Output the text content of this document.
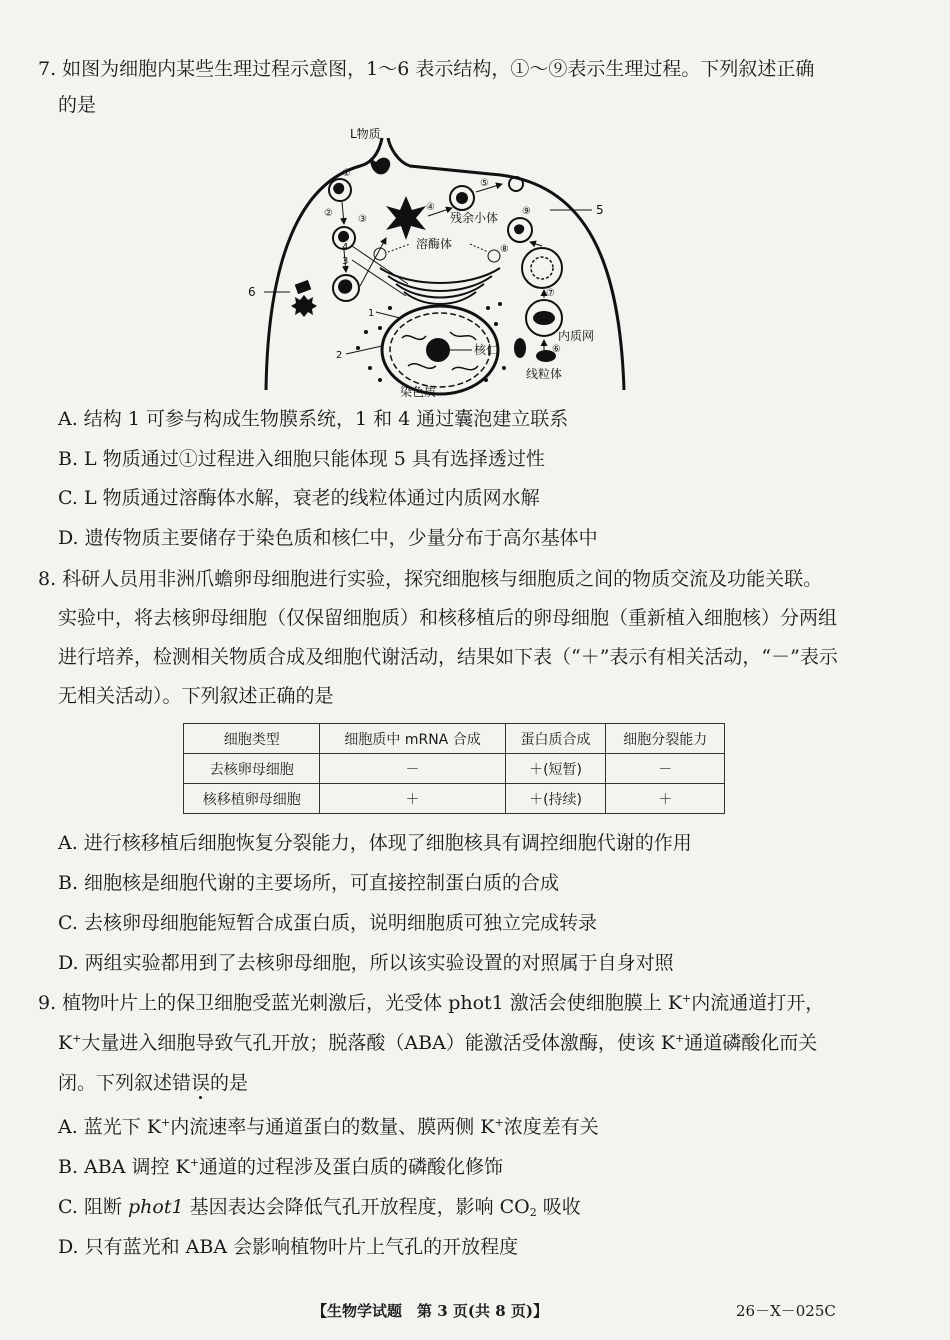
7. 如图为细胞内某些生理过程示意图，1～6 表示结构，①～⑨表示生理过程。下列叙述正确
的是
L物质
5
①
②
③
④
残余小体
⑤
⑨
⑧
溶酶体
4
3
⑦
内质网
⑥
线粒体
核仁
染色质
1
2
6
A. 结构 1 可参与构成生物膜系统，1 和 4 通过囊泡建立联系
B. L 物质通过①过程进入细胞只能体现 5 具有选择透过性
C. L 物质通过溶酶体水解，衰老的线粒体通过内质网水解
D. 遗传物质主要储存于染色质和核仁中，少量分布于高尔基体中
8. 科研人员用非洲爪蟾卵母细胞进行实验，探究细胞核与细胞质之间的物质交流及功能关联。
实验中，将去核卵母细胞（仅保留细胞质）和核移植后的卵母细胞（重新植入细胞核）分两组
进行培养，检测相关物质合成及细胞代谢活动，结果如下表（“＋”表示有相关活动，“－”表示
无相关活动）。下列叙述正确的是
细胞类型	细胞质中 mRNA 合成	蛋白质合成	细胞分裂能力
去核卵母细胞	－	＋(短暂)	－
核移植卵母细胞	＋	＋(持续)	＋
A. 进行核移植后细胞恢复分裂能力，体现了细胞核具有调控细胞代谢的作用
B. 细胞核是细胞代谢的主要场所，可直接控制蛋白质的合成
C. 去核卵母细胞能短暂合成蛋白质，说明细胞质可独立完成转录
D. 两组实验都用到了去核卵母细胞，所以该实验设置的对照属于自身对照
9. 植物叶片上的保卫细胞受蓝光刺激后，光受体 phot1 激活会使细胞膜上 K+内流通道打开，
K+大量进入细胞导致气孔开放；脱落酸（ABA）能激活受体激酶，使该 K+通道磷酸化而关
闭。下列叙述错误的是
A. 蓝光下 K+内流速率与通道蛋白的数量、膜两侧 K+浓度差有关
B. ABA 调控 K+通道的过程涉及蛋白质的磷酸化修饰
C. 阻断 phot1 基因表达会降低气孔开放程度，影响 $CO_2$ 吸收
D. 只有蓝光和 ABA 会影响植物叶片上气孔的开放程度
【生物学试题　第 3 页(共 8 页)】	26－X－025C
